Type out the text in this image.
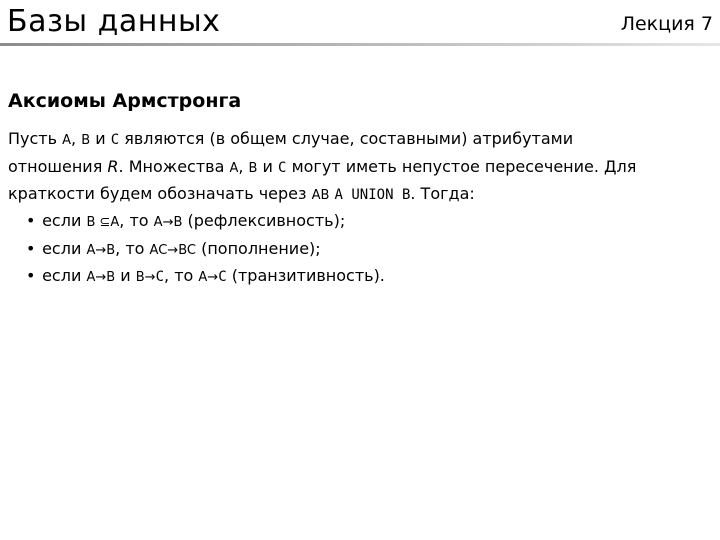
Базы данных	Лекция 7
Аксиомы Армстронга
Пусть A, B и C являются (в общем случае, составными) атрибутами
отношения R. Множества A, B и C могут иметь непустое пересечение. Для
краткости будем обозначать через AB A UNION B. Тогда:
• если B ⊆A, то A→B (рефлексивность);
• если A→B, то AC→BC (пополнение);
• если A→B и B→C, то A→C (транзитивность).
